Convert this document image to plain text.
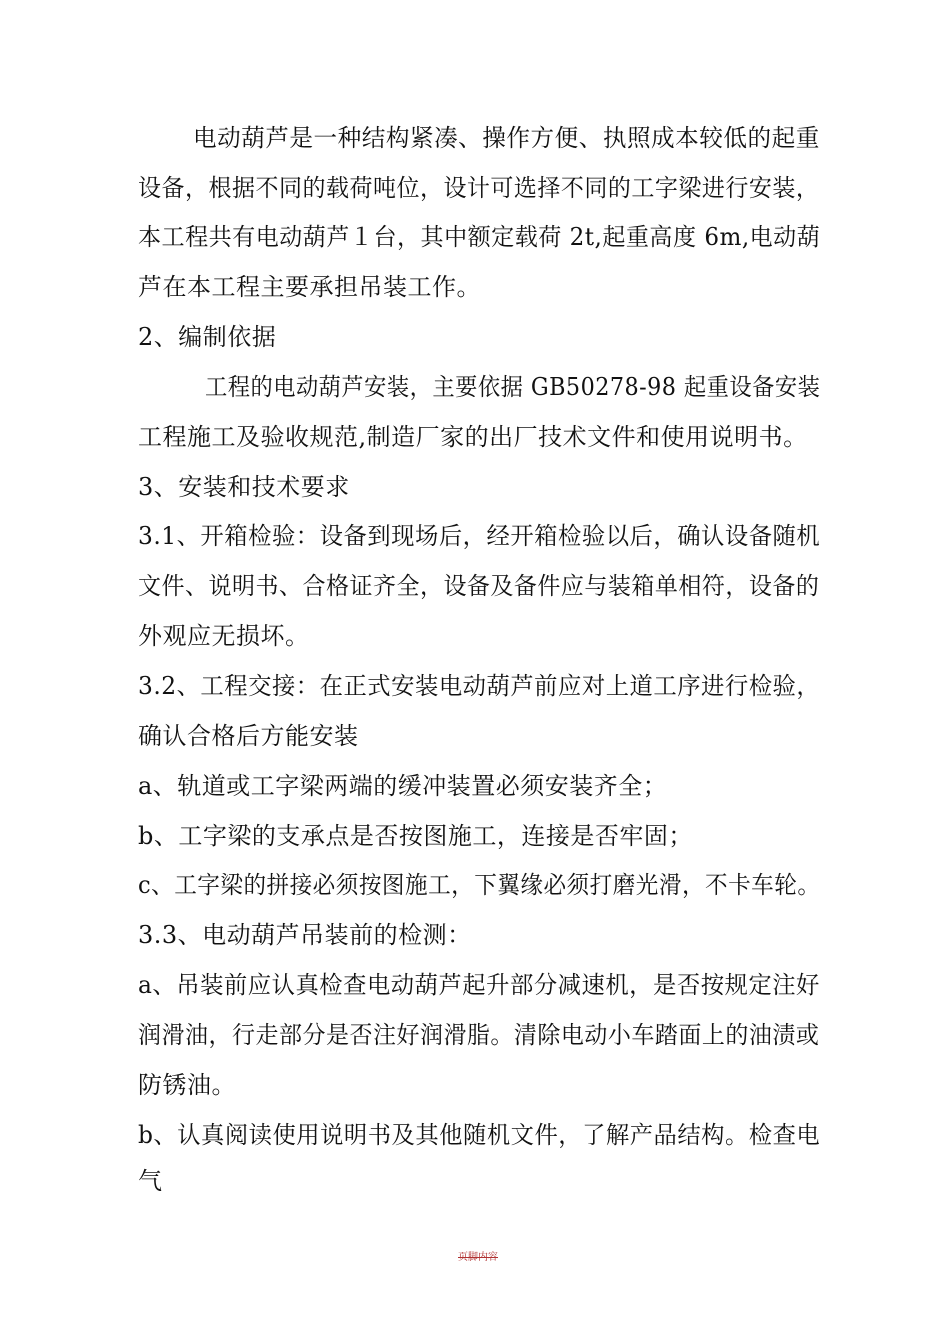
电动葫芦是一种结构紧凑、操作方便、执照成本较低的起重
设备，根据不同的载荷吨位，设计可选择不同的工字梁进行安装，
本工程共有电动葫芦１台，其中额定载荷 2t,起重高度 6m,电动葫
芦在本工程主要承担吊装工作。
2、编制依据
工程的电动葫芦安装，主要依据 GB50278-98 起重设备安装
工程施工及验收规范,制造厂家的出厂技术文件和使用说明书。
3、安装和技术要求
3.1、开箱检验：设备到现场后，经开箱检验以后，确认设备随机
文件、说明书、合格证齐全，设备及备件应与装箱单相符，设备的
外观应无损坏。
3.2、工程交接：在正式安装电动葫芦前应对上道工序进行检验，
确认合格后方能安装
a、轨道或工字梁两端的缓冲装置必须安装齐全；
b、工字梁的支承点是否按图施工，连接是否牢固；
c、工字梁的拼接必须按图施工，下翼缘必须打磨光滑，不卡车轮。
3.3、电动葫芦吊装前的检测：
a、吊装前应认真检查电动葫芦起升部分减速机，是否按规定注好
润滑油，行走部分是否注好润滑脂。清除电动小车踏面上的油渍或
防锈油。
b、认真阅读使用说明书及其他随机文件，了解产品结构。检查电
气
页脚内容
